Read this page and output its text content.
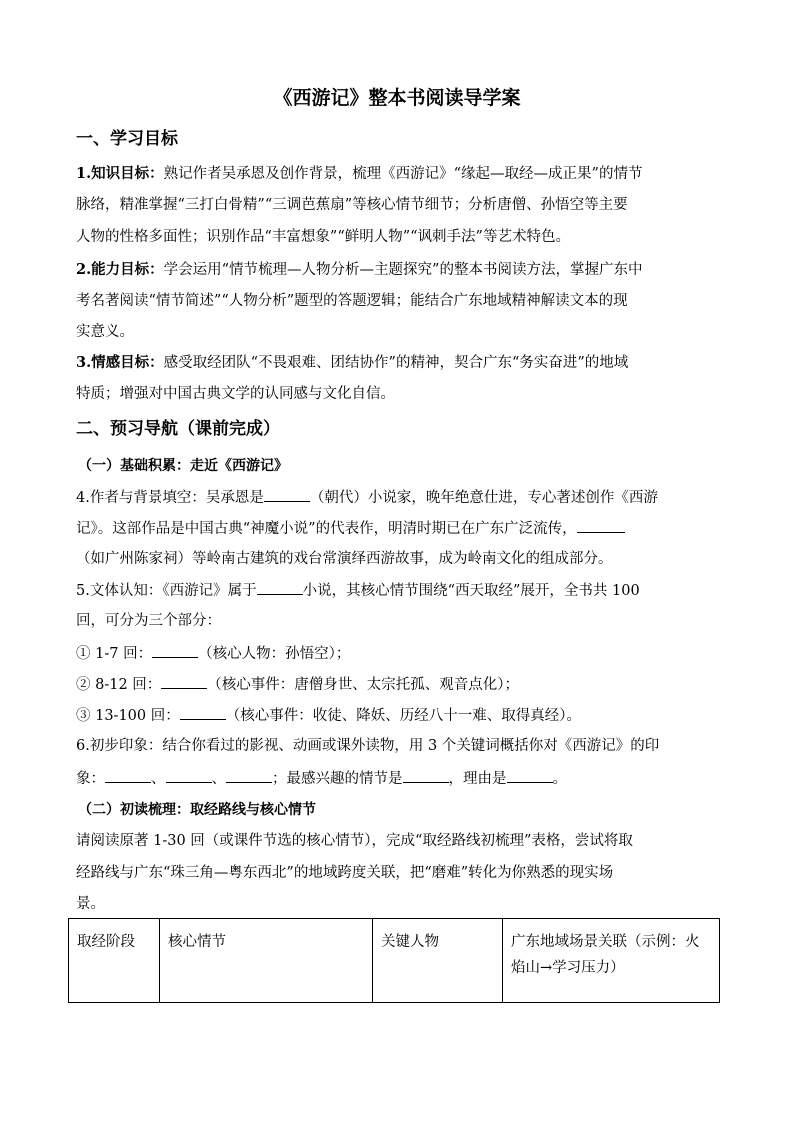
《西游记》整本书阅读导学案
一、学习目标
1.知识目标：熟记作者吴承恩及创作背景，梳理《西游记》“缘起—取经—成正果”的情节
脉络，精准掌握“三打白骨精”“三调芭蕉扇”等核心情节细节；分析唐僧、孙悟空等主要
人物的性格多面性；识别作品“丰富想象”“鲜明人物”“讽刺手法”等艺术特色。
2.能力目标：学会运用“情节梳理—人物分析—主题探究”的整本书阅读方法，掌握广东中
考名著阅读“情节简述”“人物分析”题型的答题逻辑；能结合广东地域精神解读文本的现
实意义。
3.情感目标：感受取经团队“不畏艰难、团结协作”的精神，契合广东“务实奋进”的地域
特质；增强对中国古典文学的认同感与文化自信。
二、预习导航（课前完成）
（一）基础积累：走近《西游记》
4.作者与背景填空：吴承恩是	（朝代）小说家，晚年绝意仕进，专心著述创作《西游
记》。这部作品是中国古典“神魔小说”的代表作，明清时期已在广东广泛流传，
（如广州陈家祠）等岭南古建筑的戏台常演绎西游故事，成为岭南文化的组成部分。
5.文体认知：《西游记》属于	小说，其核心情节围绕“西天取经”展开，全书共 100
回，可分为三个部分：
① 1-7 回：	（核心人物：孙悟空）；
② 8-12 回：	（核心事件：唐僧身世、太宗托孤、观音点化）；
③ 13-100 回：	（核心事件：收徒、降妖、历经八十一难、取得真经）。
6.初步印象：结合你看过的影视、动画或课外读物，用 3 个关键词概括你对《西游记》的印
象：	、	、	；最感兴趣的情节是	，理由是	。
（二）初读梳理：取经路线与核心情节
请阅读原著 1-30 回（或课件节选的核心情节），完成“取经路线初梳理”表格，尝试将取
经路线与广东“珠三角—粤东西北”的地域跨度关联，把“磨难”转化为你熟悉的现实场
景。
取经阶段	核心情节	关键人物	广东地域场景关联（示例：火焰山→学习压力）
